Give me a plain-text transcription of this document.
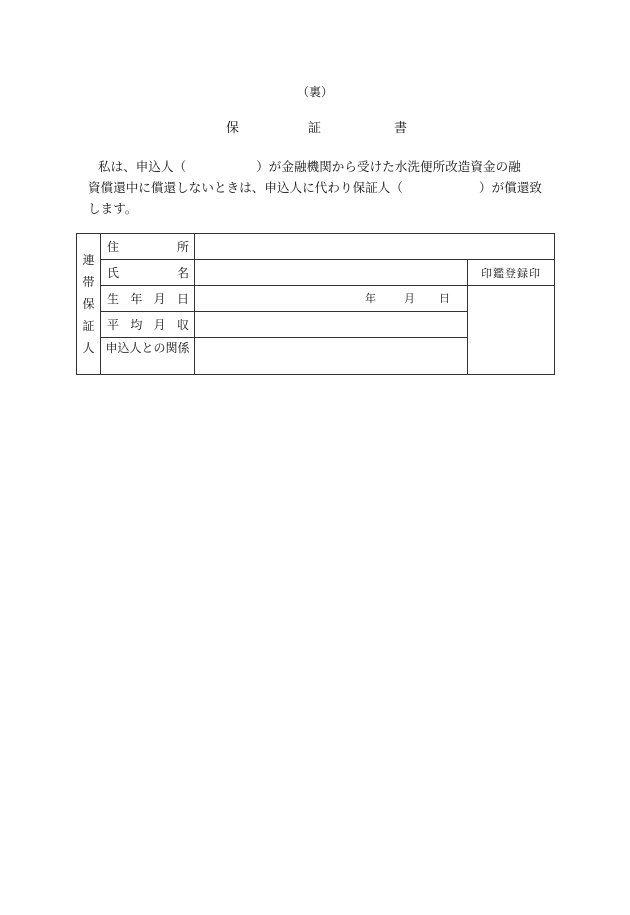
（裏）
保	証	書
私は、申込人（	）が金融機関から受けた水洗便所改造資金の融
資償還中に償還しないときは、申込人に代わり保証人（	）が償還致
します。
連帯保証人	住 所		

	氏 名		印鑑登録印

	生 年 月 日	年 月 日	

	平 均 月 収		

	申込人との関係		
